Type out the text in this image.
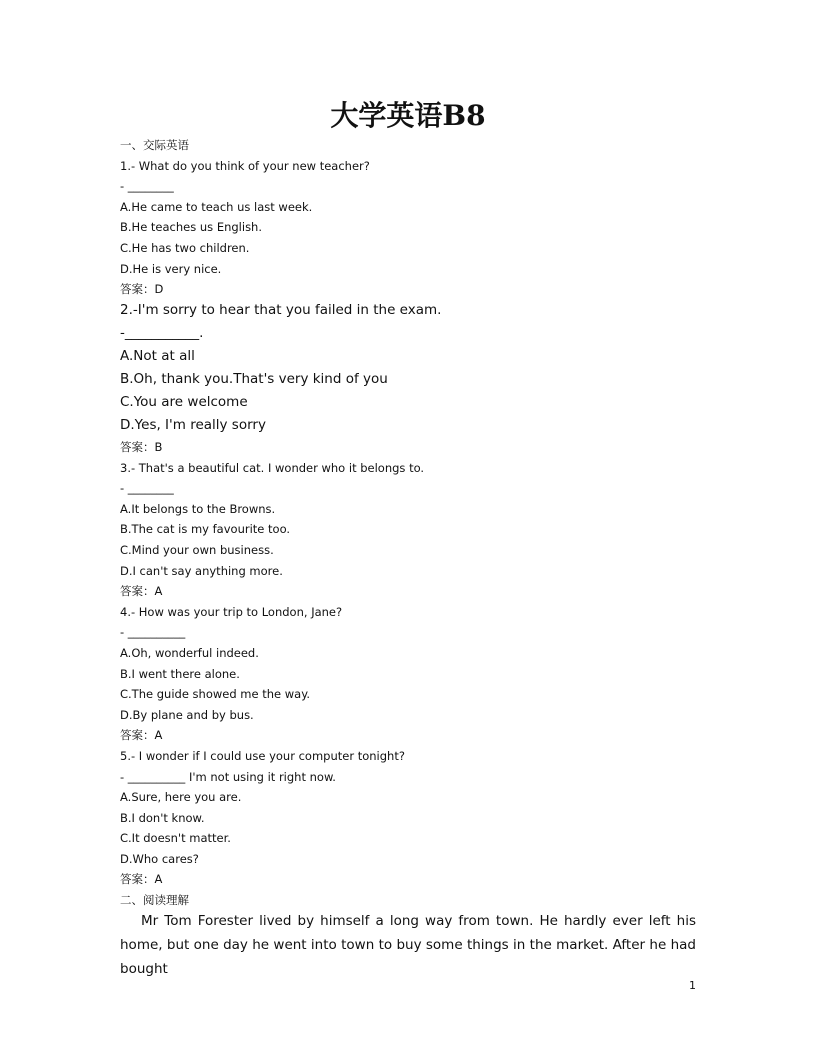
大学英语B8
一、交际英语
1.- What do you think of your new teacher?
- ________
A.He came to teach us last week.
B.He teaches us English.
C.He has two children.
D.He is very nice.
答案：D
2.-I'm sorry to hear that you failed in the exam.
-___________.
A.Not at all
B.Oh, thank you.That's very kind of you
C.You are welcome
D.Yes, I'm really sorry
答案：B
3.- That's a beautiful cat. I wonder who it belongs to.
- ________
A.It belongs to the Browns.
B.The cat is my favourite too.
C.Mind your own business.
D.I can't say anything more.
答案：A
4.- How was your trip to London, Jane?
- __________
A.Oh, wonderful indeed.
B.I went there alone.
C.The guide showed me the way.
D.By plane and by bus.
答案：A
5.- I wonder if I could use your computer tonight?
- __________ I'm not using it right now.
A.Sure, here you are.
B.I don't know.
C.It doesn't matter.
D.Who cares?
答案：A
二、阅读理解
Mr Tom Forester lived by himself a long way from town. He hardly ever left his home, but one day he went into town to buy some things in the market. After he had bought
1
